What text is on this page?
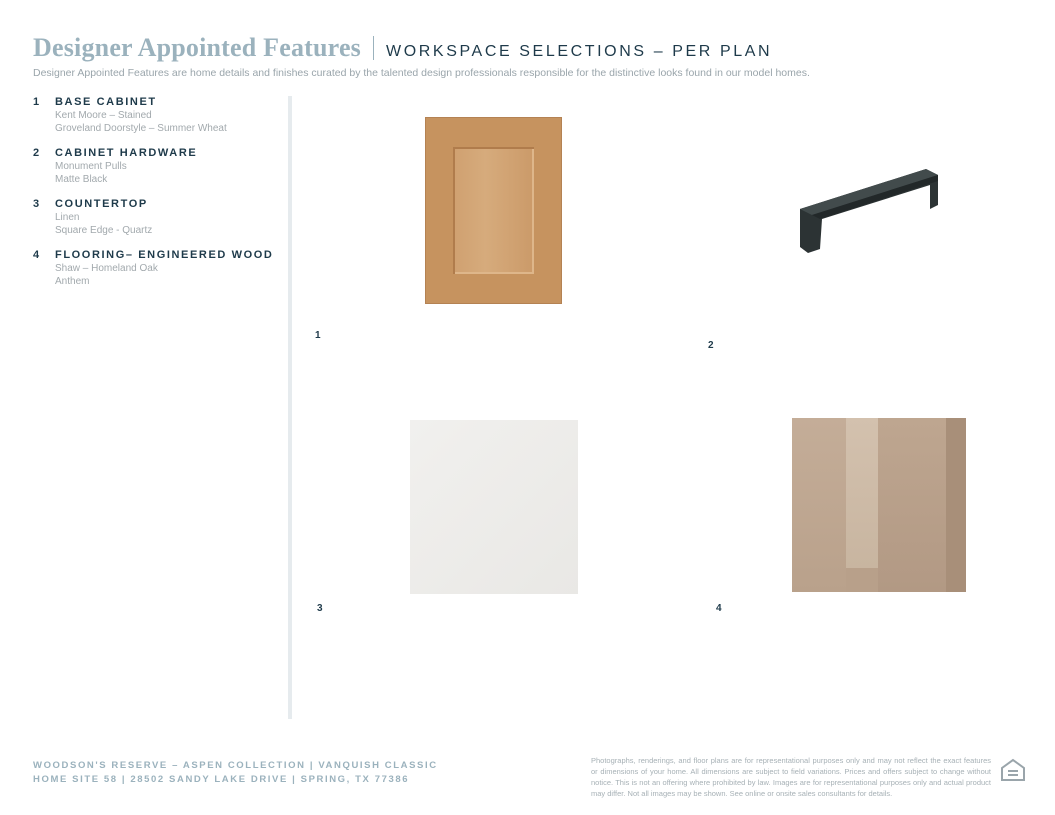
Designer Appointed Features WORKSPACE SELECTIONS – PER PLAN
Designer Appointed Features are home details and finishes curated by the talented design professionals responsible for the distinctive looks found in our model homes.
1	BASE CABINET
Kent Moore – Stained
Groveland Doorstyle – Summer Wheat
2	CABINET HARDWARE
Monument Pulls
Matte Black
3	COUNTERTOP
Linen
Square Edge - Quartz
4	FLOORING– ENGINEERED WOOD
Shaw – Homeland Oak
Anthem
1
2
3	4
WOODSON'S RESERVE – ASPEN COLLECTION | VANQUISH CLASSIC
HOME SITE 58 | 28502 SANDY LAKE DRIVE | SPRING, TX 77386
Photographs, renderings, and floor plans are for representational purposes only and may not reflect the exact features or dimensions of your home. All dimensions are subject to field variations. Prices and offers subject to change without notice. This is not an offering where prohibited by law. Images are for representational purposes only and actual product may differ. Not all images may be shown. See online or onsite sales consultants for details.
